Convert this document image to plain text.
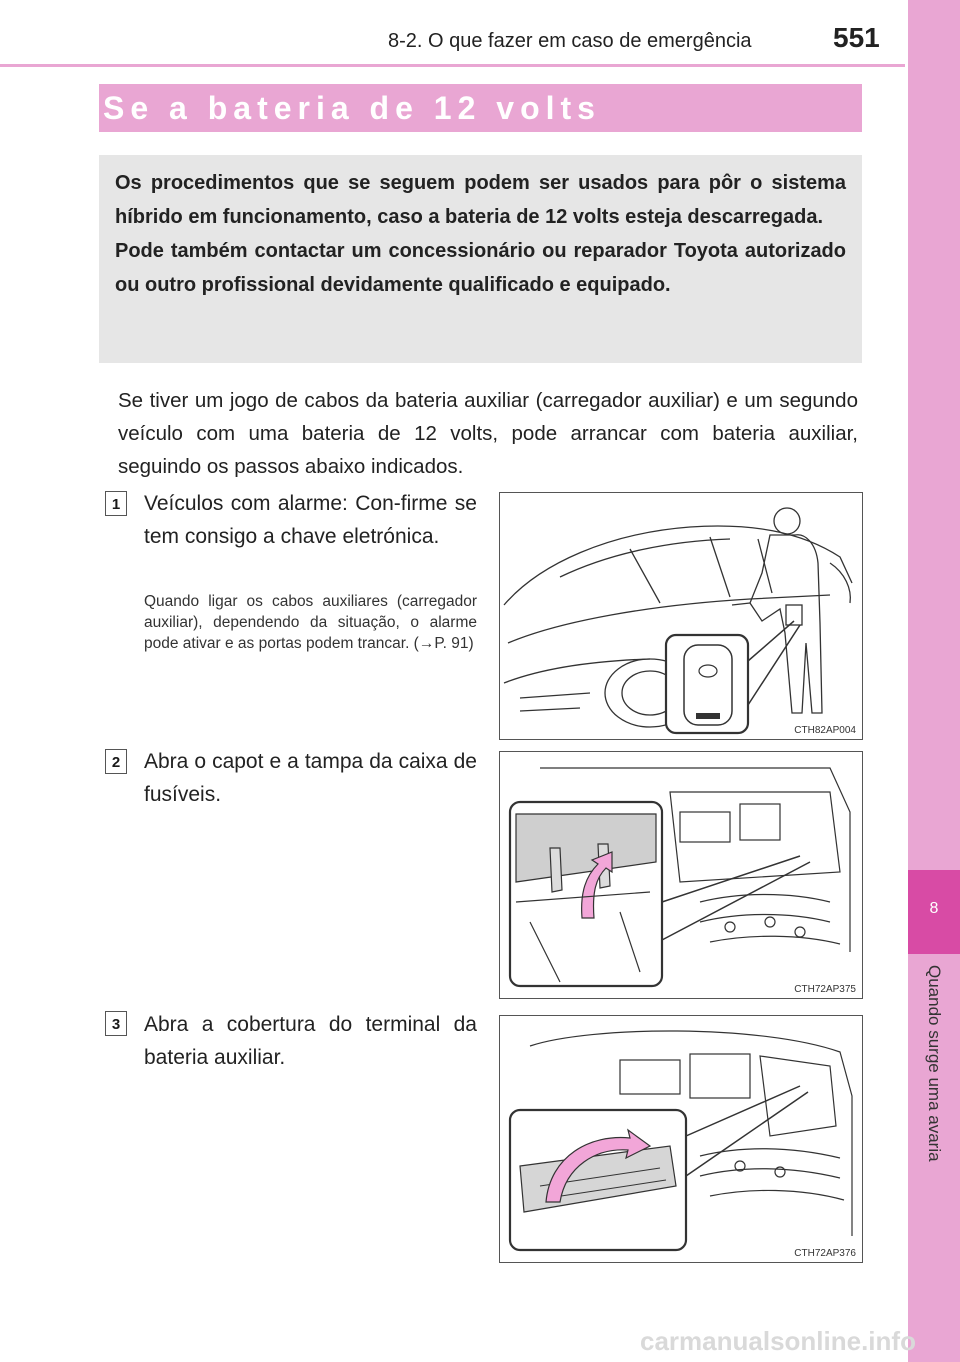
8-2. O que fazer em caso de emergência	551
8
Quando surge uma avaria
Se a bateria de 12 volts

Os procedimentos que se seguem podem ser usados para pôr o sistema híbrido em funcionamento, caso a bateria de 12 volts esteja descarregada.
Pode também contactar um concessionário ou reparador Toyota autorizado ou outro profissional devidamente qualificado e equipado.

Se tiver um jogo de cabos da bateria auxiliar (carregador auxiliar) e um segundo veículo com uma bateria de 12 volts, pode arrancar com bateria auxiliar, seguindo os passos abaixo indicados.
1	Veículos com alarme: Con-firme se tem consigo a chave eletrónica.
Quando ligar os cabos auxiliares (carregador auxiliar), dependendo da situação, o alarme pode ativar e as portas podem trancar. (→P. 91)
CTH82AP004
2	Abra o capot e a tampa da caixa de fusíveis.
CTH72AP375
3	Abra a cobertura do terminal da bateria auxiliar.
CTH72AP376
carmanualsonline.info
